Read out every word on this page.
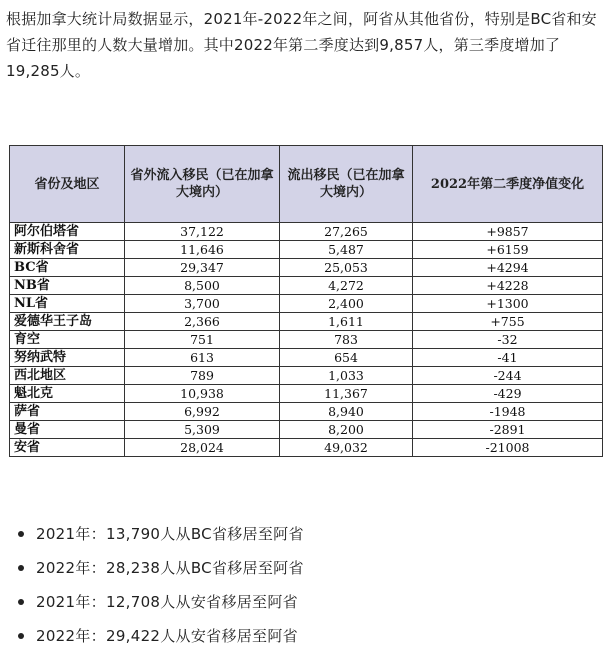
根据加拿大统计局数据显示，2021年-2022年之间，阿省从其他省份，特别是BC省和安省迁往那里的人数大量增加。其中2022年第二季度达到9,857人，第三季度增加了19,285人。

省份及地区	省外流入移民（已在加拿大境内）	流出移民（已在加拿大境内）	2022年第二季度净值变化
阿尔伯塔省	37,122	27,265	+9857
新斯科舍省	11,646	5,487	+6159
BC省	29,347	25,053	+4294
NB省	8,500	4,272	+4228
NL省	3,700	2,400	+1300
爱德华王子岛	2,366	1,611	+755
育空	751	783	-32
努纳武特	613	654	-41
西北地区	789	1,033	-244
魁北克	10,938	11,367	-429
萨省	6,992	8,940	-1948
曼省	5,309	8,200	-2891
安省	28,024	49,032	-21008
2021年：13,790人从BC省移居至阿省
2022年：28,238人从BC省移居至阿省
2021年：12,708人从安省移居至阿省
2022年：29,422人从安省移居至阿省
